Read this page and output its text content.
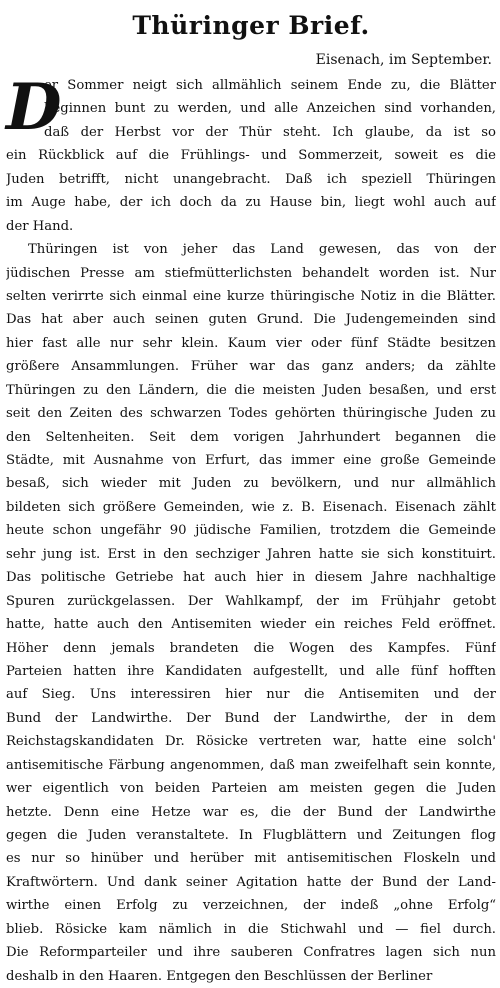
Thüringer Brief.
Eisenach, im September.
D
er Sommer neigt sich allmählich seinem Ende zu, die Blätter
beginnen bunt zu werden, und alle Anzeichen sind vorhanden,
daß der Herbst vor der Thür steht. Ich glaube, da ist so
ein Rückblick auf die Frühlings- und Sommerzeit, soweit es die
Juden betrifft, nicht unangebracht. Daß ich speziell Thüringen
im Auge habe, der ich doch da zu Hause bin, liegt wohl auch auf
der Hand.
Thüringen ist von jeher das Land gewesen, das von der
jüdischen Presse am stiefmütterlichsten behandelt worden ist. Nur
selten verirrte sich einmal eine kurze thüringische Notiz in die Blätter.
Das hat aber auch seinen guten Grund. Die Judengemeinden sind
hier fast alle nur sehr klein. Kaum vier oder fünf Städte besitzen
größere Ansammlungen. Früher war das ganz anders; da zählte
Thüringen zu den Ländern, die die meisten Juden besaßen, und erst
seit den Zeiten des schwarzen Todes gehörten thüringische Juden zu
den Seltenheiten. Seit dem vorigen Jahrhundert begannen die
Städte, mit Ausnahme von Erfurt, das immer eine große Gemeinde
besaß, sich wieder mit Juden zu bevölkern, und nur allmählich
bildeten sich größere Gemeinden, wie z. B. Eisenach. Eisenach zählt
heute schon ungefähr 90 jüdische Familien, trotzdem die Gemeinde
sehr jung ist. Erst in den sechziger Jahren hatte sie sich konstituirt.
Das politische Getriebe hat auch hier in diesem Jahre nachhaltige
Spuren zurückgelassen. Der Wahlkampf, der im Frühjahr getobt
hatte, hatte auch den Antisemiten wieder ein reiches Feld eröffnet.
Höher denn jemals brandeten die Wogen des Kampfes. Fünf
Parteien hatten ihre Kandidaten aufgestellt, und alle fünf hofften
auf Sieg. Uns interessiren hier nur die Antisemiten und der
Bund der Landwirthe. Der Bund der Landwirthe, der in dem
Reichstagskandidaten Dr. Rösicke vertreten war, hatte eine solch'
antisemitische Färbung angenommen, daß man zweifelhaft sein konnte,
wer eigentlich von beiden Parteien am meisten gegen die Juden
hetzte. Denn eine Hetze war es, die der Bund der Landwirthe
gegen die Juden veranstaltete. In Flugblättern und Zeitungen flog
es nur so hinüber und herüber mit antisemitischen Floskeln und
Kraftwörtern. Und dank seiner Agitation hatte der Bund der Land-
wirthe einen Erfolg zu verzeichnen, der indeß „ohne Erfolg“
blieb. Rösicke kam nämlich in die Stichwahl und — fiel durch.
Die Reformparteiler und ihre sauberen Confratres lagen sich nun
deshalb in den Haaren. Entgegen den Beschlüssen der Berliner
